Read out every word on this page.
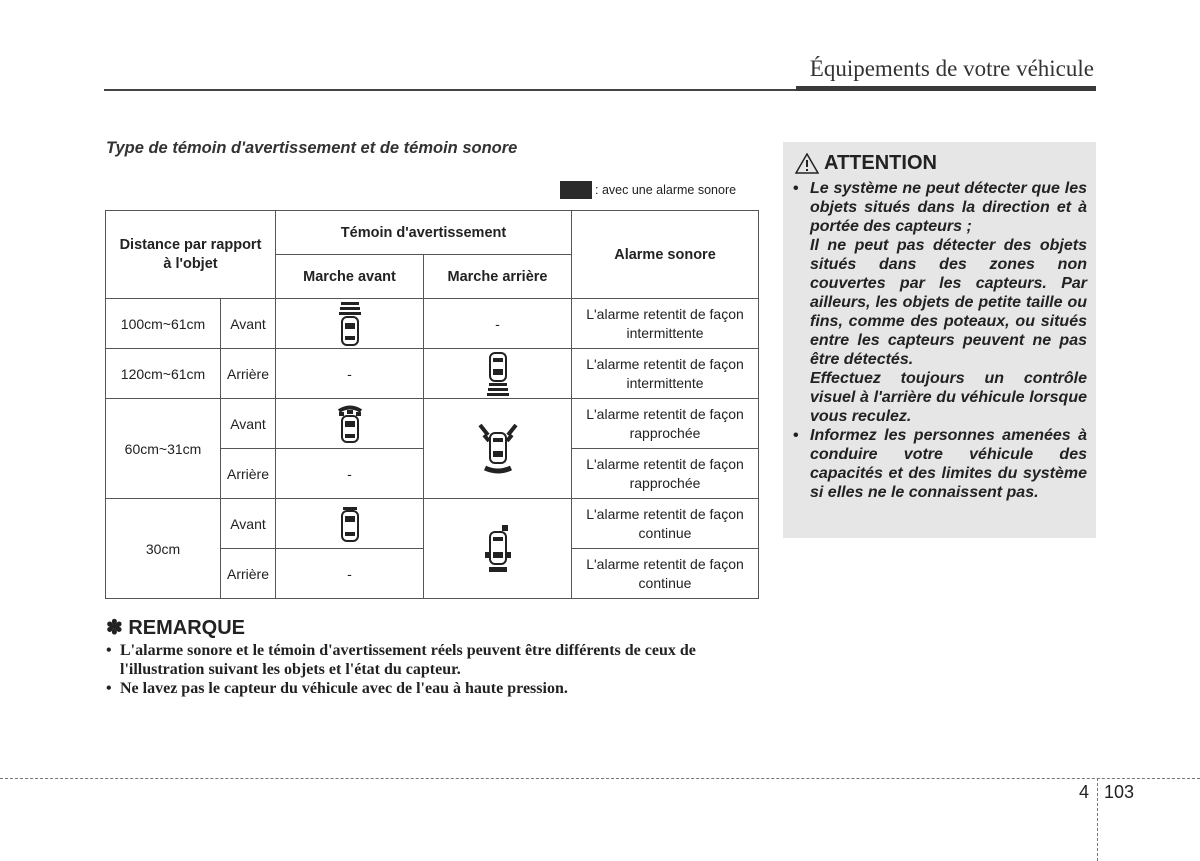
Équipements de votre véhicule
Type de témoin d'avertissement et de témoin sonore
: avec une alarme sonore
Distance par rapport à l'objet		Témoin d'avertissement		Alarme sonore
		Marche avant	Marche arrière	
100cm~61cm	Avant		-	L'alarme retentit de façon intermittente

120cm~61cm	Arrière	-		L'alarme retentit de façon intermittente

60cm~31cm	Avant			L'alarme retentit de façon rapprochée

	Arrière	-		L'alarme retentit de façon rapprochée

30cm	Avant			L'alarme retentit de façon continue

	Arrière	-		L'alarme retentit de façon continue
✽ REMARQUE
• L'alarme sonore et le témoin d'avertissement réels peuvent être différents de ceux de l'illustration suivant les objets et l'état du capteur.
• Ne lavez pas le capteur du véhicule avec de l'eau à haute pression.
ATTENTION
• Le système ne peut détecter que les objets situés dans la direction et à portée des capteurs ;
Il ne peut pas détecter des objets situés dans des zones non couvertes par les capteurs. Par ailleurs, les objets de petite taille ou fins, comme des poteaux, ou situés entre les capteurs peuvent ne pas être détectés.
Effectuez toujours un contrôle visuel à l'arrière du véhicule lorsque vous reculez.
• Informez les personnes amenées à conduire votre véhicule des capacités et des limites du système si elles ne le connaissent pas.
4 103
